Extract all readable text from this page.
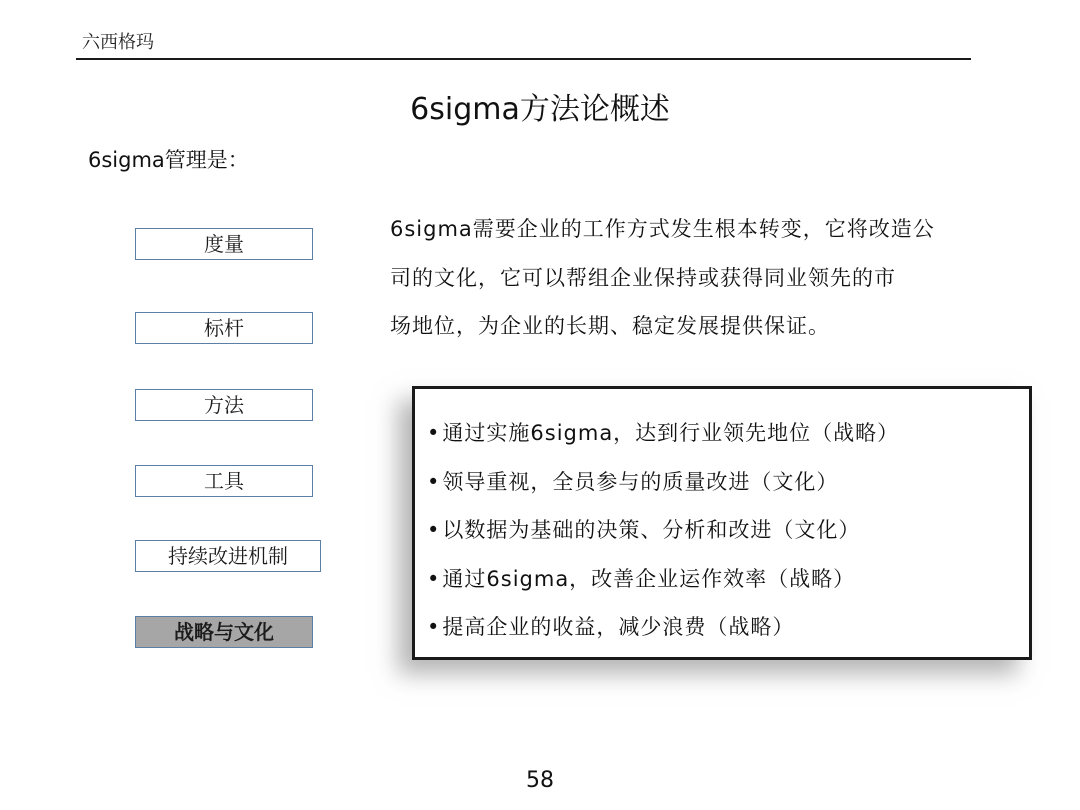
六西格玛
6sigma方法论概述
6sigma管理是：
度量
标杆
方法
工具
持续改进机制
战略与文化
6sigma需要企业的工作方式发生根本转变，它将改造公
司的文化，它可以帮组企业保持或获得同业领先的市
场地位，为企业的长期、稳定发展提供保证。
•通过实施6sigma，达到行业领先地位（战略）
•领导重视，全员参与的质量改进（文化）
•以数据为基础的决策、分析和改进（文化）
•通过6sigma，改善企业运作效率（战略）
•提高企业的收益，减少浪费（战略）
58
